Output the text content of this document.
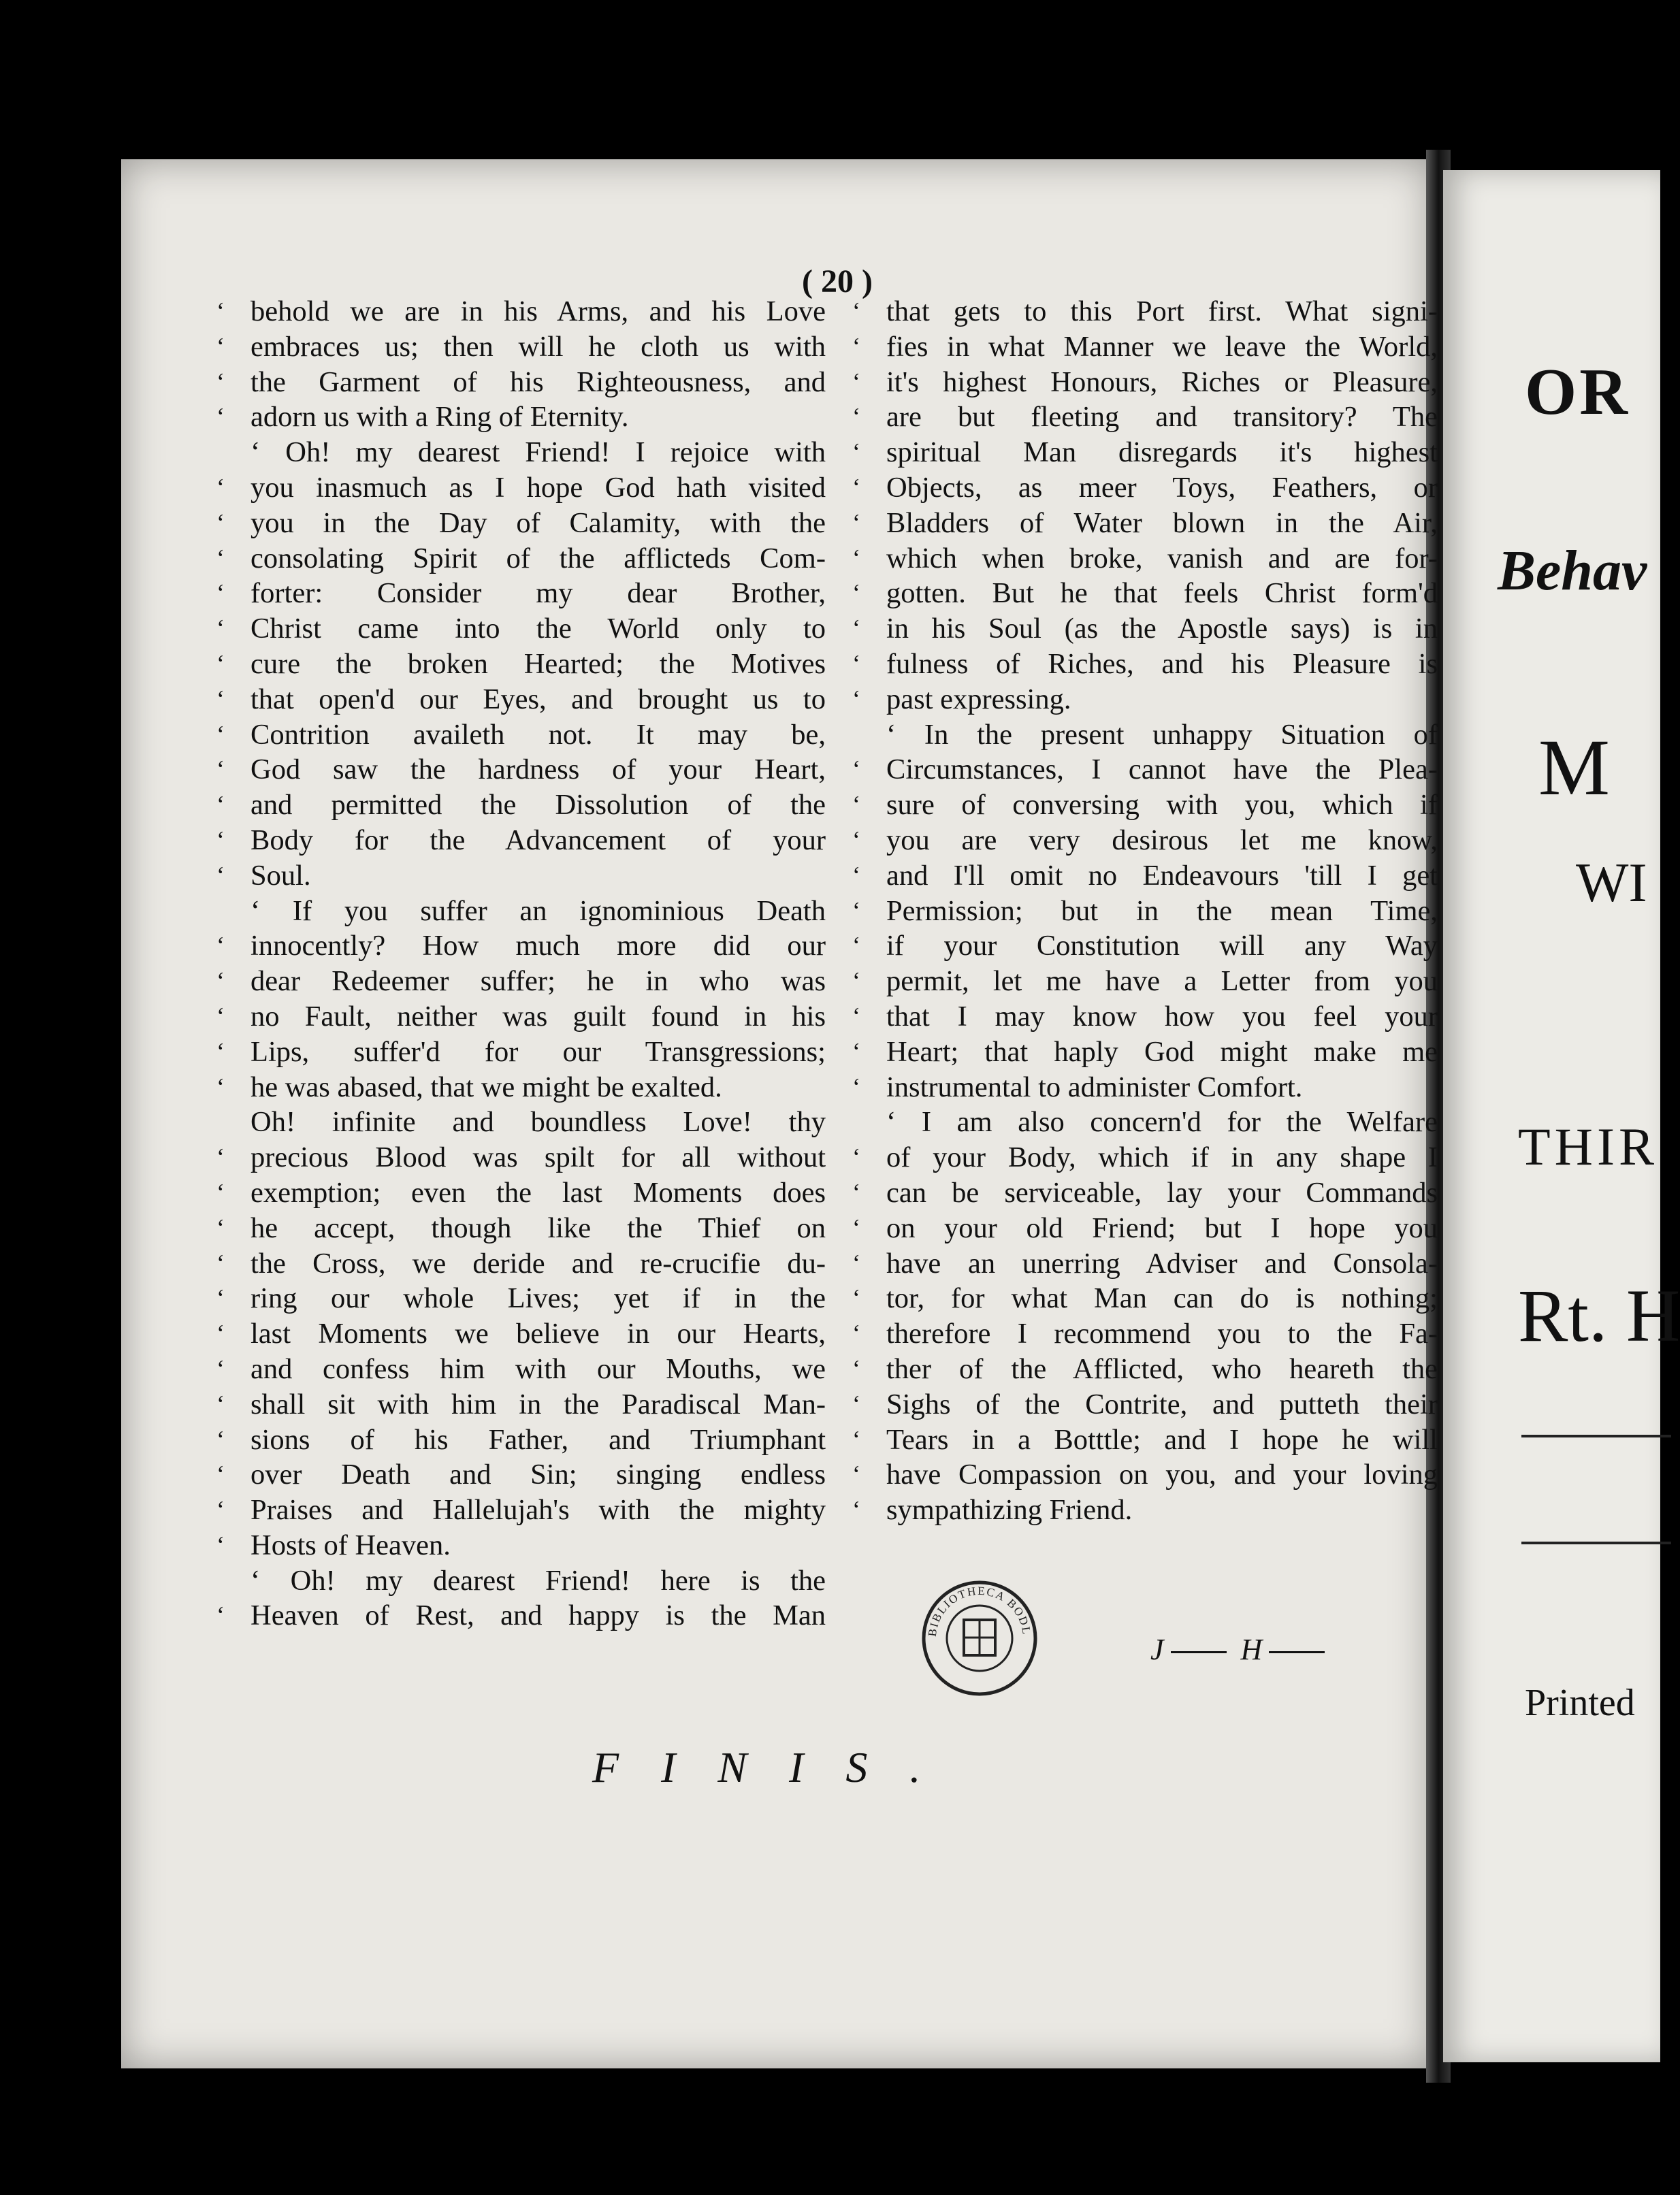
OR
Behav
M
WI
THIR
Rt. H
Printed
( 20 )
‘ behold we are in his Arms, and his Love
‘ embraces us; then will he cloth us with
‘ the Garment of his Righteousness, and
‘ adorn us with a Ring of Eternity.
‘ Oh! my dearest Friend! I rejoice with
‘ you inasmuch as I hope God hath visited
‘ you in the Day of Calamity, with the
‘ consolating Spirit of the afflicteds Com-
‘ forter: Consider my dear Brother,
‘ Christ came into the World only to
‘ cure the broken Hearted; the Motives
‘ that open'd our Eyes, and brought us to
‘ Contrition availeth not. It may be,
‘ God saw the hardness of your Heart,
‘ and permitted the Dissolution of the
‘ Body for the Advancement of your
‘ Soul.
‘ If you suffer an ignominious Death
‘ innocently? How much more did our
‘ dear Redeemer suffer; he in who was
‘ no Fault, neither was guilt found in his
‘ Lips, suffer'd for our Transgressions;
‘ he was abased, that we might be exalted.
Oh! infinite and boundless Love! thy
‘ precious Blood was spilt for all without
‘ exemption; even the last Moments does
‘ he accept, though like the Thief on
‘ the Cross, we deride and re-crucifie du-
‘ ring our whole Lives; yet if in the
‘ last Moments we believe in our Hearts,
‘ and confess him with our Mouths, we
‘ shall sit with him in the Paradiscal Man-
‘ sions of his Father, and Triumphant
‘ over Death and Sin; singing endless
‘ Praises and Hallelujah's with the mighty
‘ Hosts of Heaven.
‘ Oh! my dearest Friend! here is the
‘ Heaven of Rest, and happy is the Man
‘ that gets to this Port first. What signi-
‘ fies in what Manner we leave the World,
‘ it's highest Honours, Riches or Pleasure,
‘ are but fleeting and transitory? The
‘ spiritual Man disregards it's highest
‘ Objects, as meer Toys, Feathers, or
‘ Bladders of Water blown in the Air,
‘ which when broke, vanish and are for-
‘ gotten. But he that feels Christ form'd
‘ in his Soul (as the Apostle says) is in
‘ fulness of Riches, and his Pleasure is
‘ past expressing.
‘ In the present unhappy Situation of
‘ Circumstances, I cannot have the Plea-
‘ sure of conversing with you, which if
‘ you are very desirous let me know,
‘ and I'll omit no Endeavours 'till I get
‘ Permission; but in the mean Time,
‘ if your Constitution will any Way
‘ permit, let me have a Letter from you
‘ that I may know how you feel your
‘ Heart; that haply God might make me
‘ instrumental to administer Comfort.
‘ I am also concern'd for the Welfare
‘ of your Body, which if in any shape I
‘ can be serviceable, lay your Commands
‘ on your old Friend; but I hope you
‘ have an unerring Adviser and Consola-
‘ tor, for what Man can do is nothing;
‘ therefore I recommend you to the Fa-
‘ ther of the Afflicted, who heareth the
‘ Sighs of the Contrite, and putteth their
‘ Tears in a Botttle; and I hope he will
‘ have Compassion on you, and your loving
‘ sympathizing Friend.
BIBLIOTHECA BODL
J	H
FINIS.
